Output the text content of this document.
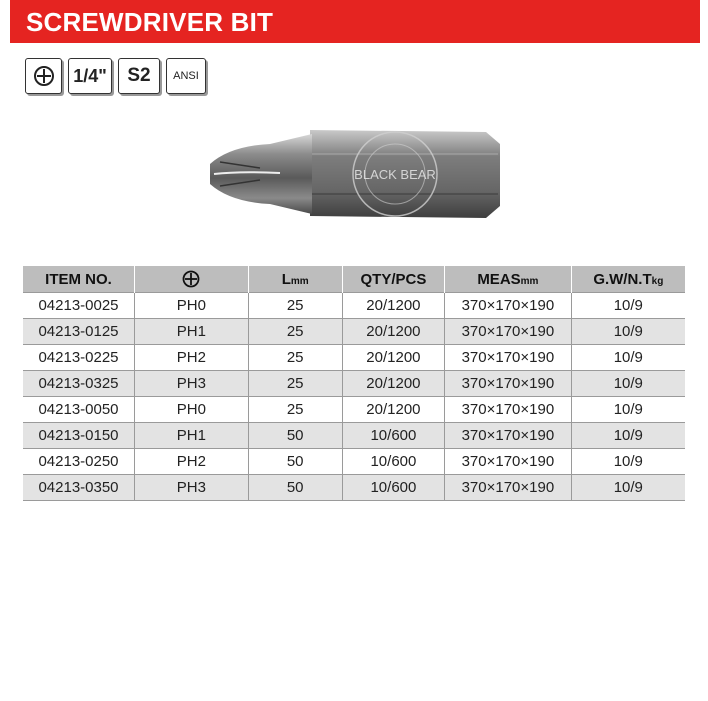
SCREWDRIVER BIT
1/4"	S2	ANSI
BLACK BEAR
ITEM NO.		Lmm	QTY/PCS	MEASmm	G.W/N.Tkg
04213-0025	PH0	25	20/1200	370×170×190	10/9
04213-0125	PH1	25	20/1200	370×170×190	10/9
04213-0225	PH2	25	20/1200	370×170×190	10/9
04213-0325	PH3	25	20/1200	370×170×190	10/9
04213-0050	PH0	25	20/1200	370×170×190	10/9
04213-0150	PH1	50	10/600	370×170×190	10/9
04213-0250	PH2	50	10/600	370×170×190	10/9
04213-0350	PH3	50	10/600	370×170×190	10/9
